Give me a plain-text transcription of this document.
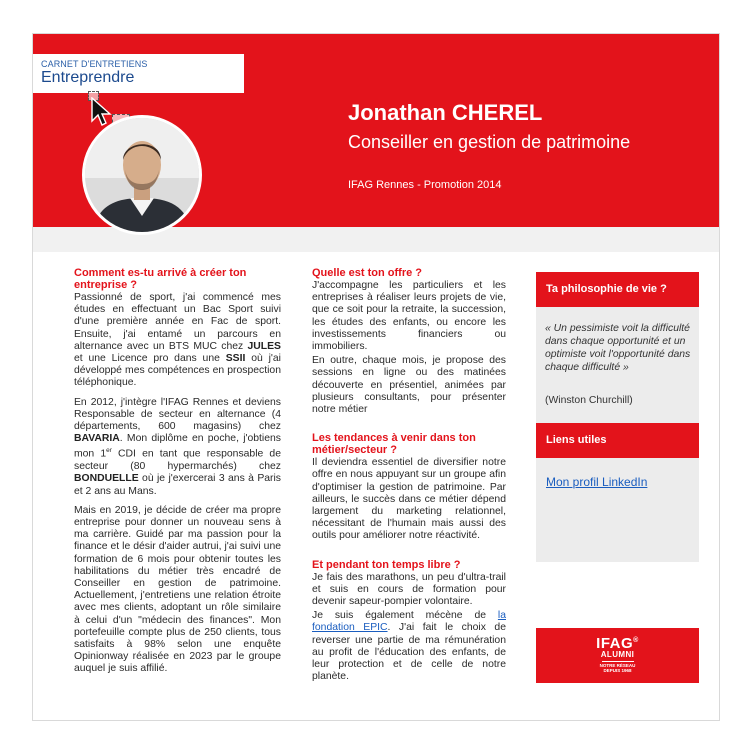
CARNET D'ENTRETIENS
Entreprendre
Jonathan CHEREL
Conseiller en gestion de patrimoine
IFAG Rennes - Promotion 2014
Comment es-tu arrivé à créer ton entreprise ?

Passionné de sport, j'ai commencé mes études en effectuant un Bac Sport suivi d'une première année en Fac de sport. Ensuite, j'ai entamé un parcours en alternance avec un BTS MUC chez JULES et une Licence pro dans une SSII où j'ai développé mes compétences en prospection téléphonique.

En 2012, j'intègre l'IFAG Rennes et deviens Responsable de secteur en alternance (4 départements, 600 magasins) chez BAVARIA. Mon diplôme en poche, j'obtiens mon 1er CDI en tant que responsable de secteur (80 hypermarchés) chez BONDUELLE où je j'exercerai 3 ans à Paris et 2 ans au Mans.

Mais en 2019, je décide de créer ma propre entreprise pour donner un nouveau sens à ma carrière. Guidé par ma passion pour la finance et le désir d'aider autrui, j'ai suivi une formation de 6 mois pour obtenir toutes les habilitations du métier très encadré de Conseiller en gestion de patrimoine. Actuellement, j'entretiens une relation étroite avec mes clients, adoptant un rôle similaire à celui d'un "médecin des finances". Mon portefeuille compte plus de 250 clients, tous satisfaits à 98% selon une enquête Opinionway réalisée en 2023 par le groupe auquel je suis affilié.

Quelle est ton offre ?

J'accompagne les particuliers et les entreprises à réaliser leurs projets de vie, que ce soit pour la retraite, la succession, les études des enfants, ou encore les investissements financiers ou immobiliers.

En outre, chaque mois, je propose des sessions en ligne ou des matinées découverte en présentiel, animées par plusieurs consultants, pour présenter notre métier

Les tendances à venir dans ton métier/secteur ?

Il deviendra essentiel de diversifier notre offre en nous appuyant sur un groupe afin d'optimiser la gestion de patrimoine. Par ailleurs, le succès dans ce métier dépend largement du marketing relationnel, nécessitant de l'humain mais aussi des outils pour améliorer notre réactivité.

Et pendant ton temps libre ?

Je fais des marathons, un peu d'ultra-trail et suis en cours de formation pour devenir sapeur-pompier volontaire.

Je suis également mécène de la fondation EPIC. J'ai fait le choix de reverser une partie de ma rémunération au profit de l'éducation des enfants, de leur protection et de celle de notre planète.

Ta philosophie de vie ?
« Un pessimiste voit la difficulté dans chaque opportunité et un optimiste voit l'opportunité dans chaque difficulté »
(Winston Churchill)
Liens utiles
Mon profil LinkedIn
IFAG®
ALUMNI
NOTRE RÉSEAU
DEPUIS 1968
